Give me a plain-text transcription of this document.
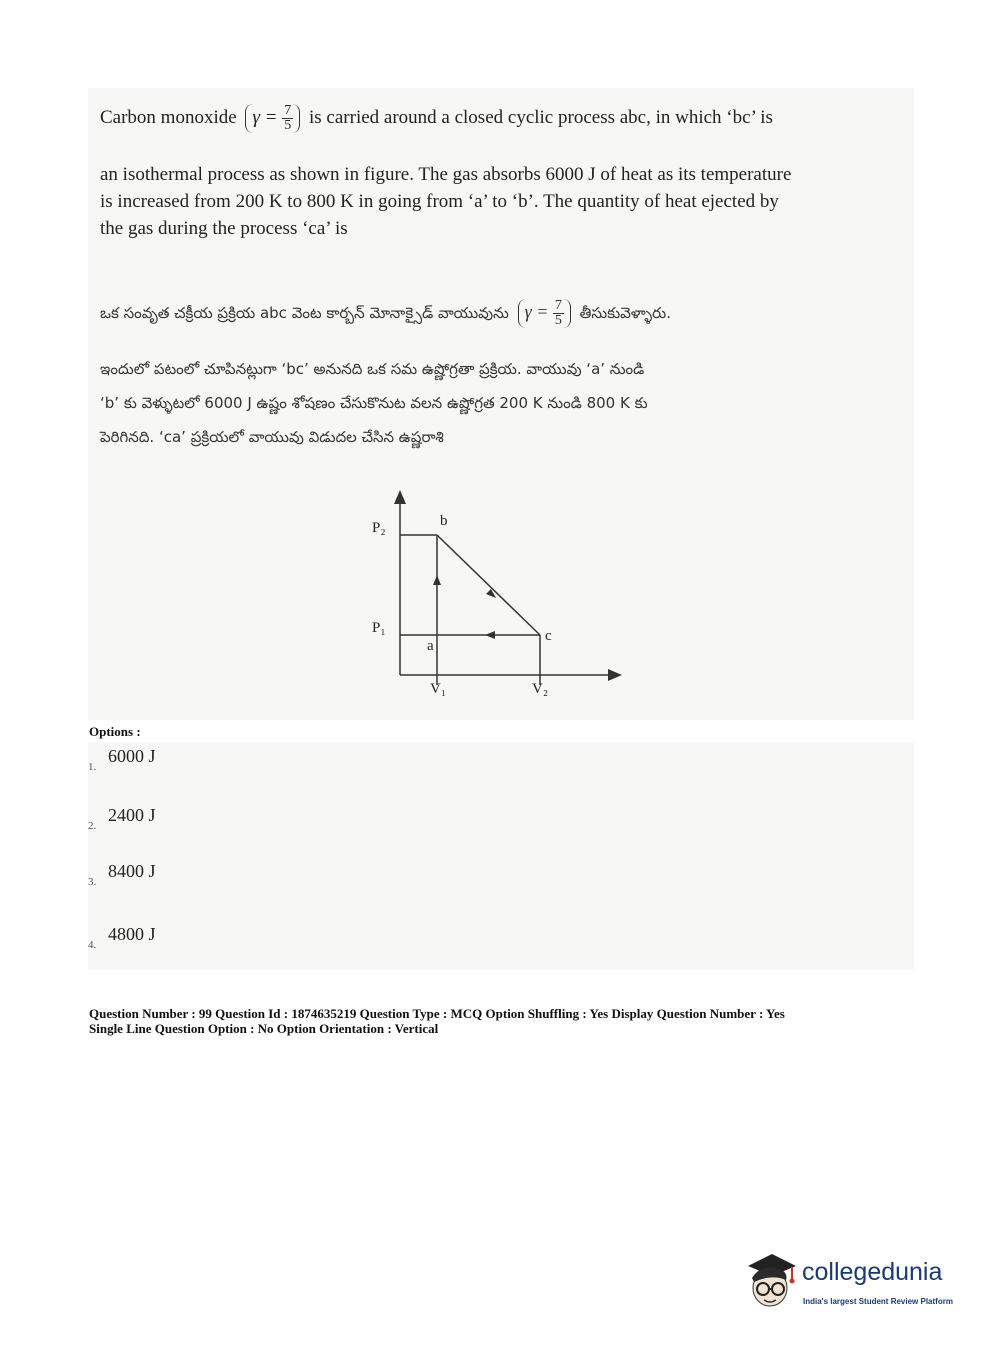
Carbon monoxide $\gamma = \frac{7}{5}$ is carried around a closed cyclic process abc, in which ‘bc’ is
an isothermal process as shown in figure. The gas absorbs 6000 J of heat as its temperature
is increased from 200 K to 800 K in going from ‘a’ to ‘b’. The quantity of heat ejected by
the gas during the process ‘ca’ is
ఒక సంవృత చక్రీయ ప్రక్రియ abc వెంట కార్బన్ మోనాక్సైడ్ వాయువును $\gamma = \frac{7}{5}$ తీసుకువెళ్ళారు.
ఇందులో పటంలో చూపినట్లుగా ‘bc’ అనునది ఒక సమ ఉష్ణోగ్రతా ప్రక్రియ. వాయువు ‘a’ నుండి
‘b’ కు వెళ్ళుటలో 6000 J ఉష్ణం శోషణం చేసుకొనుట వలన ఉష్ణోగ్రత 200 K నుండి 800 K కు
పెరిగినది. ‘ca’ ప్రక్రియలో వాయువు విడుదల చేసిన ఉష్ణరాశి
P₂
P₁
b
a
c
V₁	V₂
Options :
1.6000 J
2.2400 J
3.8400 J
4.4800 J
Question Number : 99 Question Id : 1874635219 Question Type : MCQ Option Shuffling : Yes Display Question Number : Yes
Single Line Question Option : No Option Orientation : Vertical
collegedunia
India's largest Student Review Platform
